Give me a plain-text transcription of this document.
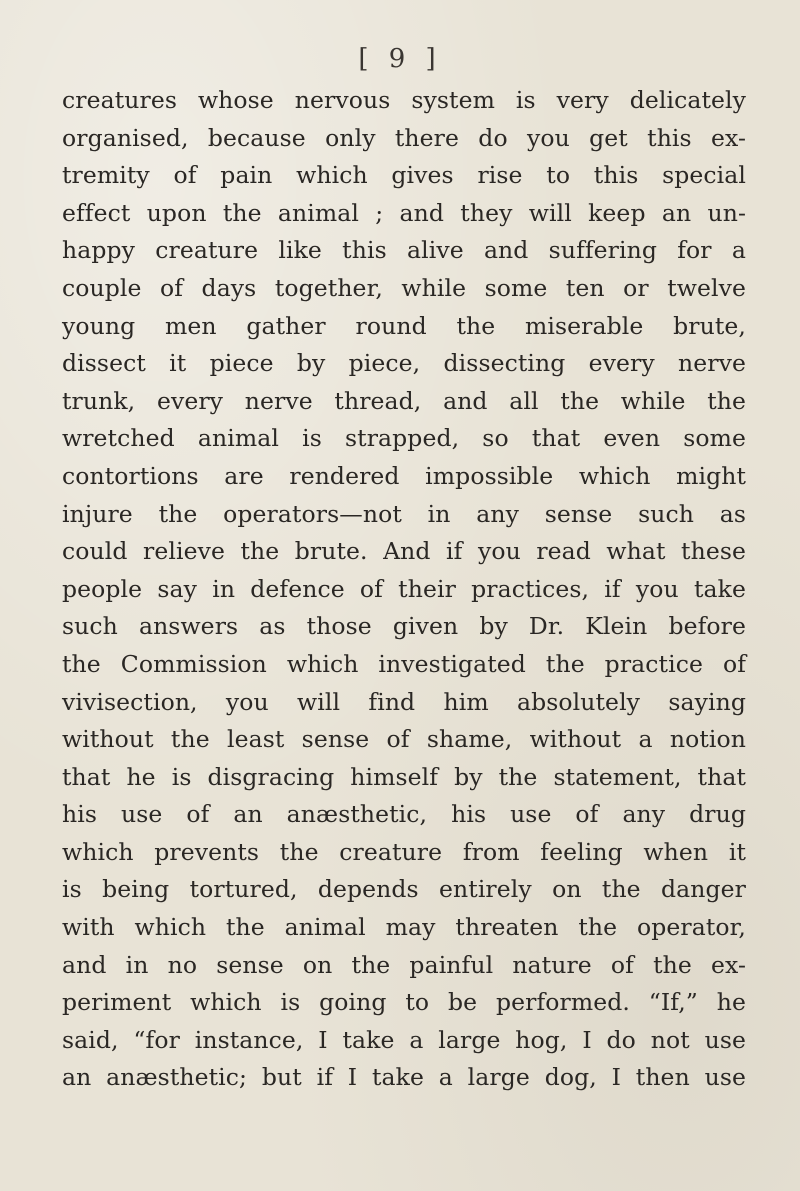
[ 9 ]
creatures whose nervous system is very delicately
organised, because only there do you get this ex-
tremity of pain which gives rise to this special
effect upon the animal ; and they will keep an un-
happy creature like this alive and suffering for a
couple of days together, while some ten or twelve
young men gather round the miserable brute,
dissect it piece by piece, dissecting every nerve
trunk, every nerve thread, and all the while the
wretched animal is strapped, so that even some
contortions are rendered impossible which might
injure the operators—not in any sense such as
could relieve the brute. And if you read what these
people say in defence of their practices, if you take
such answers as those given by Dr. Klein before
the Commission which investigated the practice of
vivisection, you will find him absolutely saying
without the least sense of shame, without a notion
that he is disgracing himself by the statement, that
his use of an anæsthetic, his use of any drug
which prevents the creature from feeling when it
is being tortured, depends entirely on the danger
with which the animal may threaten the operator,
and in no sense on the painful nature of the ex-
periment which is going to be performed. “If,” he
said, “for instance, I take a large hog, I do not use
an anæsthetic; but if I take a large dog, I then use
